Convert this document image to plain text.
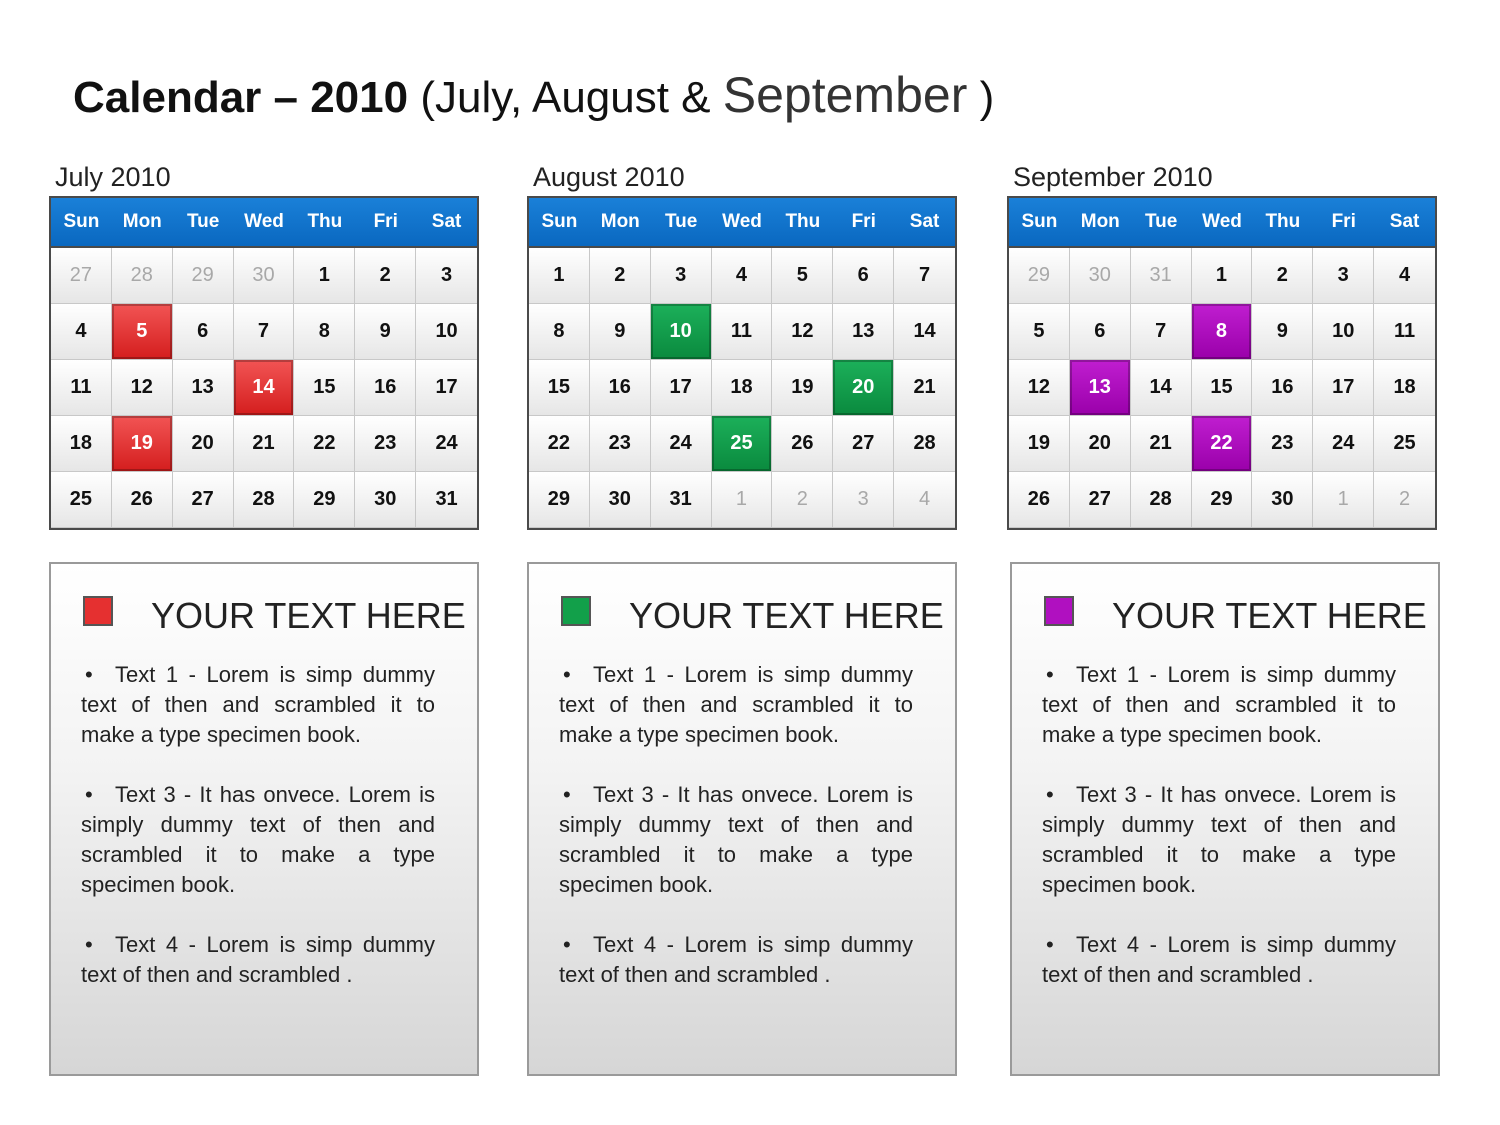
Calendar – 2010 (July, August & September )
July 2010
Sun	Mon	Tue	Wed	Thu	Fri	Sat
27	28	29	30	1	2	3
4	5	6	7	8	9	10
11	12	13	14	15	16	17
18	19	20	21	22	23	24
25	26	27	28	29	30	31
August 2010
Sun	Mon	Tue	Wed	Thu	Fri	Sat
1	2	3	4	5	6	7
8	9	10	11	12	13	14
15	16	17	18	19	20	21
22	23	24	25	26	27	28
29	30	31	1	2	3	4
September 2010
Sun	Mon	Tue	Wed	Thu	Fri	Sat
29	30	31	1	2	3	4
5	6	7	8	9	10	11
12	13	14	15	16	17	18
19	20	21	22	23	24	25
26	27	28	29	30	1	2
YOUR TEXT HERE

• Text 1 - Lorem is simp dummy text of then and scrambled it to make a type specimen book.

• Text 3 - It has onvece. Lorem is simply dummy text of then and scrambled it to make a type specimen book.

• Text 4 - Lorem is simp dummy text of then and scrambled .

YOUR TEXT HERE

• Text 1 - Lorem is simp dummy text of then and scrambled it to make a type specimen book.

• Text 3 - It has onvece. Lorem is simply dummy text of then and scrambled it to make a type specimen book.

• Text 4 - Lorem is simp dummy text of then and scrambled .

YOUR TEXT HERE

• Text 1 - Lorem is simp dummy text of then and scrambled it to make a type specimen book.

• Text 3 - It has onvece. Lorem is simply dummy text of then and scrambled it to make a type specimen book.

• Text 4 - Lorem is simp dummy text of then and scrambled .
